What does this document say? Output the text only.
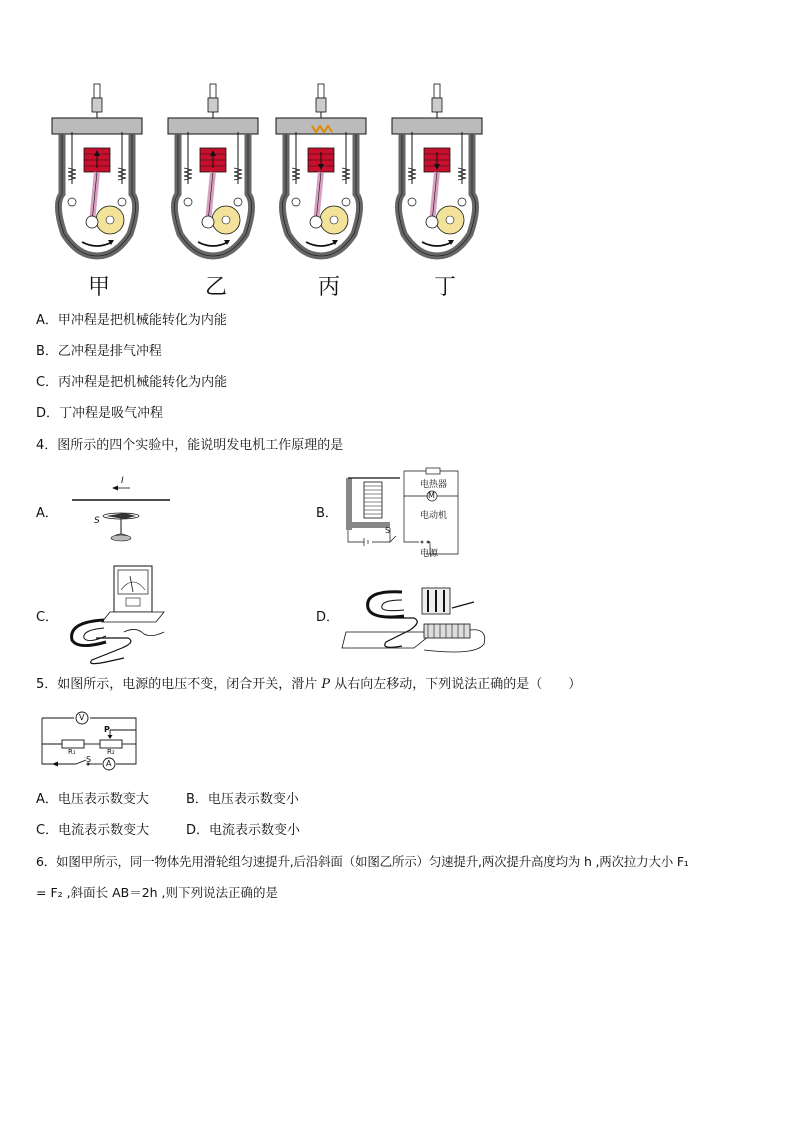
甲	乙	丙	丁
A．甲冲程是把机械能转化为内能
B．乙冲程是排气冲程
C．丙冲程是把机械能转化为内能
D．丁冲程是吸气冲程
4．图所示的四个实验中，能说明发电机工作原理的是
A．	B．
C．	D．
I
S
电热器
M
电动机
电源
S
5．如图所示，电源的电压不变，闭合开关，滑片 P 从右向左移动，下列说法正确的是（　　）
V
A
P
R₁	R₂
S
A．电压表示数变大	B．电压表示数变小
C．电流表示数变大	D．电流表示数变小
6．如图甲所示，同一物体先用滑轮组匀速提升,后沿斜面（如图乙所示）匀速提升,两次提升高度均为 h ,两次拉力大小 F₁
= F₂ ,斜面长 AB＝2h ,则下列说法正确的是
